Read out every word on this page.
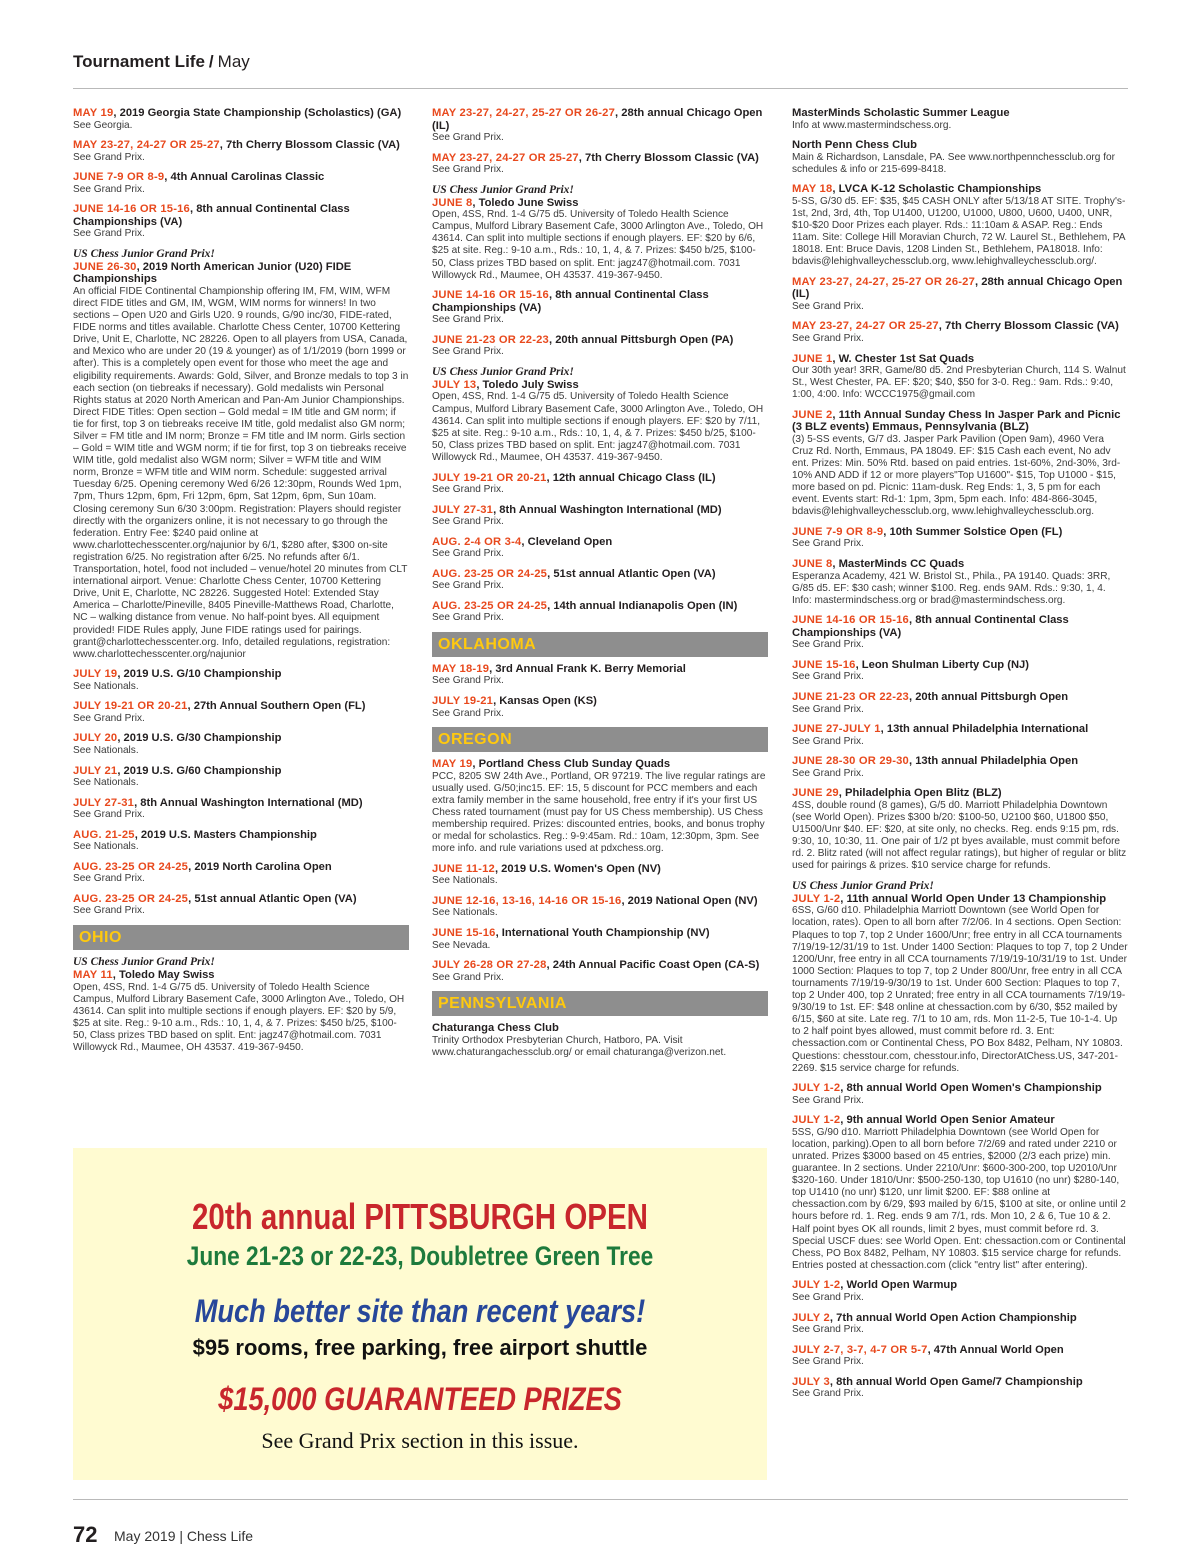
Tournament Life / May
MAY 19, 2019 Georgia State Championship (Scholastics) (GA)
See Georgia.
MAY 23-27, 24-27 OR 25-27, 7th Cherry Blossom Classic (VA)
See Grand Prix.
JUNE 7-9 OR 8-9, 4th Annual Carolinas Classic
See Grand Prix.
JUNE 14-16 OR 15-16, 8th annual Continental Class Championships (VA)
See Grand Prix.
US Chess Junior Grand Prix!
JUNE 26-30, 2019 North American Junior (U20) FIDE Championships
An official FIDE Continental Championship offering IM, FM, WIM, WFM direct FIDE titles and GM, IM, WGM, WIM norms for winners! In two sections – Open U20 and Girls U20. 9 rounds, G/90 inc/30, FIDE-rated, FIDE norms and titles available. Charlotte Chess Center, 10700 Kettering Drive, Unit E, Charlotte, NC 28226. Open to all players from USA, Canada, and Mexico who are under 20 (19 & younger) as of 1/1/2019 (born 1999 or after). This is a completely open event for those who meet the age and eligibility requirements. Awards: Gold, Silver, and Bronze medals to top 3 in each section (on tiebreaks if necessary). Gold medalists win Personal Rights status at 2020 North American and Pan-Am Junior Championships. Direct FIDE Titles: Open section – Gold medal = IM title and GM norm; if tie for first, top 3 on tiebreaks receive IM title, gold medalist also GM norm; Silver = FM title and IM norm; Bronze = FM title and IM norm. Girls section – Gold = WIM title and WGM norm; if tie for first, top 3 on tiebreaks receive WIM title, gold medalist also WGM norm; Silver = WFM title and WIM norm, Bronze = WFM title and WIM norm. Schedule: suggested arrival Tuesday 6/25. Opening ceremony Wed 6/26 12:30pm, Rounds Wed 1pm, 7pm, Thurs 12pm, 6pm, Fri 12pm, 6pm, Sat 12pm, 6pm, Sun 10am. Closing ceremony Sun 6/30 3:00pm. Registration: Players should register directly with the organizers online, it is not necessary to go through the federation. Entry Fee: $240 paid online at www.charlottechesscenter.org/najunior by 6/1, $280 after, $300 on-site registration 6/25. No registration after 6/25. No refunds after 6/1. Transportation, hotel, food not included – venue/hotel 20 minutes from CLT international airport. Venue: Charlotte Chess Center, 10700 Kettering Drive, Unit E, Charlotte, NC 28226. Suggested Hotel: Extended Stay America – Charlotte/Pineville, 8405 Pineville-Matthews Road, Charlotte, NC – walking distance from venue. No half-point byes. All equipment provided! FIDE Rules apply, June FIDE ratings used for pairings. grant@charlottechesscenter.org. Info, detailed regulations, registration: www.charlottechesscenter.org/najunior
JULY 19, 2019 U.S. G/10 Championship
See Nationals.
JULY 19-21 OR 20-21, 27th Annual Southern Open (FL)
See Grand Prix.
JULY 20, 2019 U.S. G/30 Championship
See Nationals.
JULY 21, 2019 U.S. G/60 Championship
See Nationals.
JULY 27-31, 8th Annual Washington International (MD)
See Grand Prix.
AUG. 21-25, 2019 U.S. Masters Championship
See Nationals.
AUG. 23-25 OR 24-25, 2019 North Carolina Open
See Grand Prix.
AUG. 23-25 OR 24-25, 51st annual Atlantic Open (VA)
See Grand Prix.
OHIO
US Chess Junior Grand Prix!
MAY 11, Toledo May Swiss
Open, 4SS, Rnd. 1-4 G/75 d5. University of Toledo Health Science Campus, Mulford Library Basement Cafe, 3000 Arlington Ave., Toledo, OH 43614. Can split into multiple sections if enough players. EF: $20 by 5/9, $25 at site. Reg.: 9-10 a.m., Rds.: 10, 1, 4, & 7. Prizes: $450 b/25, $100-50, Class prizes TBD based on split. Ent: jagz47@hotmail.com. 7031 Willowyck Rd., Maumee, OH 43537. 419-367-9450.
MAY 23-27, 24-27, 25-27 OR 26-27, 28th annual Chicago Open (IL)
See Grand Prix.
MAY 23-27, 24-27 OR 25-27, 7th Cherry Blossom Classic (VA)
See Grand Prix.
US Chess Junior Grand Prix!
JUNE 8, Toledo June Swiss
Open, 4SS, Rnd. 1-4 G/75 d5. University of Toledo Health Science Campus, Mulford Library Basement Cafe, 3000 Arlington Ave., Toledo, OH 43614. Can split into multiple sections if enough players. EF: $20 by 6/6, $25 at site. Reg.: 9-10 a.m., Rds.: 10, 1, 4, & 7. Prizes: $450 b/25, $100-50, Class prizes TBD based on split. Ent: jagz47@hotmail.com. 7031 Willowyck Rd., Maumee, OH 43537. 419-367-9450.
JUNE 14-16 OR 15-16, 8th annual Continental Class Championships (VA)
See Grand Prix.
JUNE 21-23 OR 22-23, 20th annual Pittsburgh Open (PA)
See Grand Prix.
US Chess Junior Grand Prix!
JULY 13, Toledo July Swiss
Open, 4SS, Rnd. 1-4 G/75 d5. University of Toledo Health Science Campus, Mulford Library Basement Cafe, 3000 Arlington Ave., Toledo, OH 43614. Can split into multiple sections if enough players. EF: $20 by 7/11, $25 at site. Reg.: 9-10 a.m., Rds.: 10, 1, 4, & 7. Prizes: $450 b/25, $100-50, Class prizes TBD based on split. Ent: jagz47@hotmail.com. 7031 Willowyck Rd., Maumee, OH 43537. 419-367-9450.
JULY 19-21 OR 20-21, 12th annual Chicago Class (IL)
See Grand Prix.
JULY 27-31, 8th Annual Washington International (MD)
See Grand Prix.
AUG. 2-4 OR 3-4, Cleveland Open
See Grand Prix.
AUG. 23-25 OR 24-25, 51st annual Atlantic Open (VA)
See Grand Prix.
AUG. 23-25 OR 24-25, 14th annual Indianapolis Open (IN)
See Grand Prix.
OKLAHOMA
MAY 18-19, 3rd Annual Frank K. Berry Memorial
See Grand Prix.
JULY 19-21, Kansas Open (KS)
See Grand Prix.
OREGON
MAY 19, Portland Chess Club Sunday Quads
PCC, 8205 SW 24th Ave., Portland, OR 97219. The live regular ratings are usually used. G/50;inc15. EF: 15, 5 discount for PCC members and each extra family member in the same household, free entry if it's your first US Chess rated tournament (must pay for US Chess membership). US Chess membership required. Prizes: discounted entries, books, and bonus trophy or medal for scholastics. Reg.: 9-9:45am. Rd.: 10am, 12:30pm, 3pm. See more info. and rule variations used at pdxchess.org.
JUNE 11-12, 2019 U.S. Women's Open (NV)
See Nationals.
JUNE 12-16, 13-16, 14-16 OR 15-16, 2019 National Open (NV)
See Nationals.
JUNE 15-16, International Youth Championship (NV)
See Nevada.
JULY 26-28 OR 27-28, 24th Annual Pacific Coast Open (CA-S)
See Grand Prix.
PENNSYLVANIA
Chaturanga Chess Club
Trinity Orthodox Presbyterian Church, Hatboro, PA. Visit www.chaturangachessclub.org/ or email chaturanga@verizon.net.
MasterMinds Scholastic Summer League
Info at www.mastermindschess.org.
North Penn Chess Club
Main & Richardson, Lansdale, PA. See www.northpennchessclub.org for schedules & info or 215-699-8418.
MAY 18, LVCA K-12 Scholastic Championships
5-SS, G/30 d5. EF: $35, $45 CASH ONLY after 5/13/18 AT SITE. Trophy's-1st, 2nd, 3rd, 4th, Top U1400, U1200, U1000, U800, U600, U400, UNR, $10-$20 Door Prizes each player. Rds.: 11:10am & ASAP. Reg.: Ends 11am. Site: College Hill Moravian Church, 72 W. Laurel St., Bethlehem, PA 18018. Ent: Bruce Davis, 1208 Linden St., Bethlehem, PA18018. Info: bdavis@lehighvalleychessclub.org, www.lehighvalleychessclub.org/.
MAY 23-27, 24-27, 25-27 OR 26-27, 28th annual Chicago Open (IL)
See Grand Prix.
MAY 23-27, 24-27 OR 25-27, 7th Cherry Blossom Classic (VA)
See Grand Prix.
JUNE 1, W. Chester 1st Sat Quads
Our 30th year! 3RR, Game/80 d5. 2nd Presbyterian Church, 114 S. Walnut St., West Chester, PA. EF: $20; $40, $50 for 3-0. Reg.: 9am. Rds.: 9:40, 1:00, 4:00. Info: WCCC1975@gmail.com
JUNE 2, 11th Annual Sunday Chess In Jasper Park and Picnic (3 BLZ events) Emmaus, Pennsylvania (BLZ)
(3) 5-SS events, G/7 d3. Jasper Park Pavilion (Open 9am), 4960 Vera Cruz Rd. North, Emmaus, PA 18049. EF: $15 Cash each event, No adv ent. Prizes: Min. 50% Rtd. based on paid entries. 1st-60%, 2nd-30%, 3rd-10% AND ADD if 12 or more players"Top U1600"- $15, Top U1000 - $15, more based on pd. Picnic: 11am-dusk. Reg Ends: 1, 3, 5 pm for each event. Events start: Rd-1: 1pm, 3pm, 5pm each. Info: 484-866-3045, bdavis@lehighvalleychessclub.org, www.lehighvalleychessclub.org.
JUNE 7-9 OR 8-9, 10th Summer Solstice Open (FL)
See Grand Prix.
JUNE 8, MasterMinds CC Quads
Esperanza Academy, 421 W. Bristol St., Phila., PA 19140. Quads: 3RR, G/85 d5. EF: $30 cash; winner $100. Reg. ends 9AM. Rds.: 9:30, 1, 4. Info: mastermindschess.org or brad@mastermindschess.org.
JUNE 14-16 OR 15-16, 8th annual Continental Class Championships (VA)
See Grand Prix.
JUNE 15-16, Leon Shulman Liberty Cup (NJ)
See Grand Prix.
JUNE 21-23 OR 22-23, 20th annual Pittsburgh Open
See Grand Prix.
JUNE 27-JULY 1, 13th annual Philadelphia International
See Grand Prix.
JUNE 28-30 OR 29-30, 13th annual Philadelphia Open
See Grand Prix.
JUNE 29, Philadelphia Open Blitz (BLZ)
4SS, double round (8 games), G/5 d0. Marriott Philadelphia Downtown (see World Open). Prizes $300 b/20: $100-50, U2100 $60, U1800 $50, U1500/Unr $40. EF: $20, at site only, no checks. Reg. ends 9:15 pm, rds. 9:30, 10, 10:30, 11. One pair of 1/2 pt byes available, must commit before rd. 2. Blitz rated (will not affect regular ratings), but higher of regular or blitz used for pairings & prizes. $10 service charge for refunds.
US Chess Junior Grand Prix!
JULY 1-2, 11th annual World Open Under 13 Championship
6SS, G/60 d10. Philadelphia Marriott Downtown (see World Open for location, rates). Open to all born after 7/2/06. In 4 sections. Open Section: Plaques to top 7, top 2 Under 1600/Unr; free entry in all CCA tournaments 7/19/19-12/31/19 to 1st. Under 1400 Section: Plaques to top 7, top 2 Under 1200/Unr, free entry in all CCA tournaments 7/19/19-10/31/19 to 1st. Under 1000 Section: Plaques to top 7, top 2 Under 800/Unr, free entry in all CCA tournaments 7/19/19-9/30/19 to 1st. Under 600 Section: Plaques to top 7, top 2 Under 400, top 2 Unrated; free entry in all CCA tournaments 7/19/19-9/30/19 to 1st. EF: $48 online at chessaction.com by 6/30, $52 mailed by 6/15, $60 at site. Late reg. 7/1 to 10 am, rds. Mon 11-2-5, Tue 10-1-4. Up to 2 half point byes allowed, must commit before rd. 3. Ent: chessaction.com or Continental Chess, PO Box 8482, Pelham, NY 10803. Questions: chesstour.com, chesstour.info, DirectorAtChess.US, 347-201-2269. $15 service charge for refunds.
JULY 1-2, 8th annual World Open Women's Championship
See Grand Prix.
JULY 1-2, 9th annual World Open Senior Amateur
5SS, G/90 d10. Marriott Philadelphia Downtown (see World Open for location, parking).Open to all born before 7/2/69 and rated under 2210 or unrated. Prizes $3000 based on 45 entries, $2000 (2/3 each prize) min. guarantee. In 2 sections. Under 2210/Unr: $600-300-200, top U2010/Unr $320-160. Under 1810/Unr: $500-250-130, top U1610 (no unr) $280-140, top U1410 (no unr) $120, unr limit $200. EF: $88 online at chessaction.com by 6/29, $93 mailed by 6/15, $100 at site, or online until 2 hours before rd. 1. Reg. ends 9 am 7/1, rds. Mon 10, 2 & 6, Tue 10 & 2. Half point byes OK all rounds, limit 2 byes, must commit before rd. 3. Special USCF dues: see World Open. Ent: chessaction.com or Continental Chess, PO Box 8482, Pelham, NY 10803. $15 service charge for refunds. Entries posted at chessaction.com (click "entry list" after entering).
JULY 1-2, World Open Warmup
See Grand Prix.
JULY 2, 7th annual World Open Action Championship
See Grand Prix.
JULY 2-7, 3-7, 4-7 OR 5-7, 47th Annual World Open
See Grand Prix.
JULY 3, 8th annual World Open Game/7 Championship
See Grand Prix.
20th annual PITTSBURGH OPEN
June 21-23 or 22-23, Doubletree Green Tree
Much better site than recent years!
$95 rooms, free parking, free airport shuttle
$15,000 GUARANTEED PRIZES
See Grand Prix section in this issue.
72 May 2019 | Chess Life
